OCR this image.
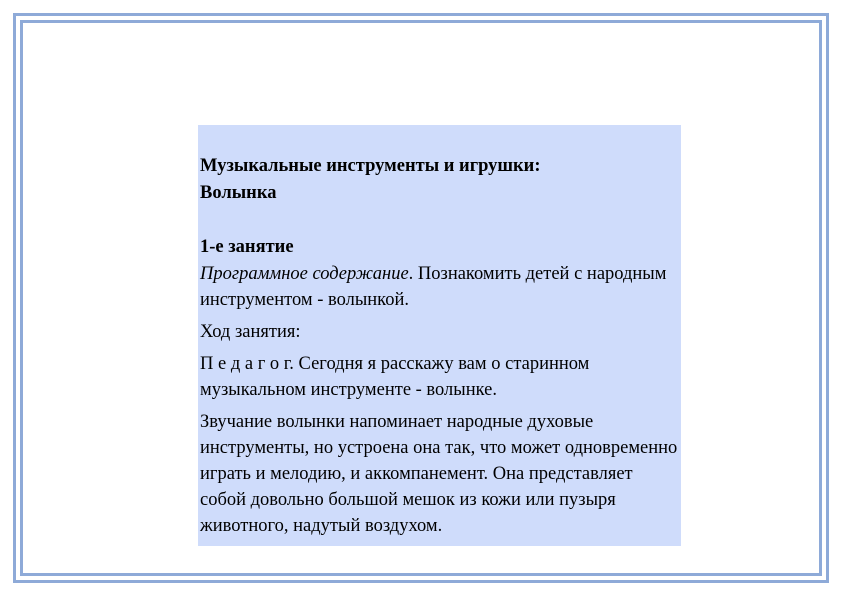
Музыкальные инструменты и игрушки:
Волынка

1-е занятие

Программное содержание. Познакомить детей с народным инструментом - волынкой.

Ход занятия:

П е д а г о г. Сегодня я расскажу вам о старинном музыкальном инструменте - волынке.

Звучание волынки напоминает народные духовые инструменты, но устроена она так, что может одновременно играть и мелодию, и аккомпанемент. Она представляет собой довольно большой мешок из кожи или пузыря животного, надутый воздухом.
